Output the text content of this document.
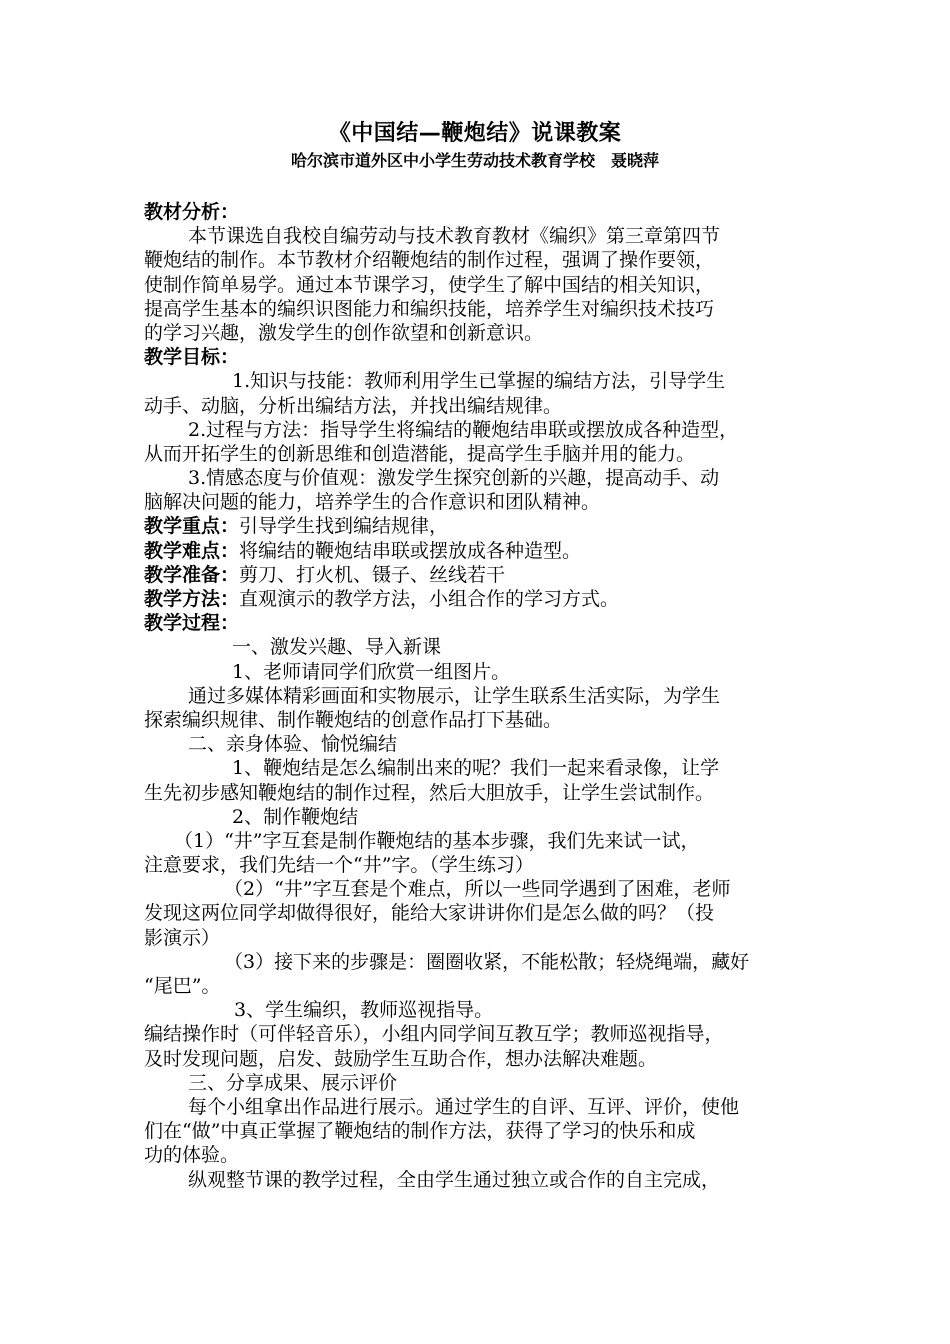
《中国结—鞭炮结》说课教案
哈尔滨市道外区中小学生劳动技术教育学校　聂晓萍
教材分析：
本节课选自我校自编劳动与技术教育教材《编织》第三章第四节
鞭炮结的制作。本节教材介绍鞭炮结的制作过程，强调了操作要领，
使制作简单易学。通过本节课学习，使学生了解中国结的相关知识，
提高学生基本的编织识图能力和编织技能，培养学生对编织技术技巧
的学习兴趣，激发学生的创作欲望和创新意识。
教学目标：
1.知识与技能：教师利用学生已掌握的编结方法，引导学生
动手、动脑，分析出编结方法，并找出编结规律。
2.过程与方法：指导学生将编结的鞭炮结串联或摆放成各种造型，
从而开拓学生的创新思维和创造潜能，提高学生手脑并用的能力。
3.情感态度与价值观：激发学生探究创新的兴趣，提高动手、动
脑解决问题的能力，培养学生的合作意识和团队精神。
教学重点：引导学生找到编结规律，
教学难点：将编结的鞭炮结串联或摆放成各种造型。
教学准备：剪刀、打火机、镊子、丝线若干
教学方法：直观演示的教学方法，小组合作的学习方式。
教学过程：
一、激发兴趣、导入新课
1、老师请同学们欣赏一组图片。
通过多媒体精彩画面和实物展示，让学生联系生活实际，为学生
探索编织规律、制作鞭炮结的创意作品打下基础。
二、亲身体验、愉悦编结
1、鞭炮结是怎么编制出来的呢？我们一起来看录像，让学
生先初步感知鞭炮结的制作过程，然后大胆放手，让学生尝试制作。
2、制作鞭炮结
（1）“井”字互套是制作鞭炮结的基本步骤，我们先来试一试，
注意要求，我们先结一个“井”字。（学生练习）
（2）“井”字互套是个难点，所以一些同学遇到了困难，老师
发现这两位同学却做得很好，能给大家讲讲你们是怎么做的吗？（投
影演示）
（3）接下来的步骤是：圈圈收紧，不能松散；轻烧绳端，藏好
“尾巴”。
3、学生编织，教师巡视指导。
编结操作时（可伴轻音乐），小组内同学间互教互学；教师巡视指导，
及时发现问题，启发、鼓励学生互助合作，想办法解决难题。
三、分享成果、展示评价
每个小组拿出作品进行展示。通过学生的自评、互评、评价，使他
们在“做”中真正掌握了鞭炮结的制作方法，获得了学习的快乐和成
功的体验。
纵观整节课的教学过程，全由学生通过独立或合作的自主完成，
